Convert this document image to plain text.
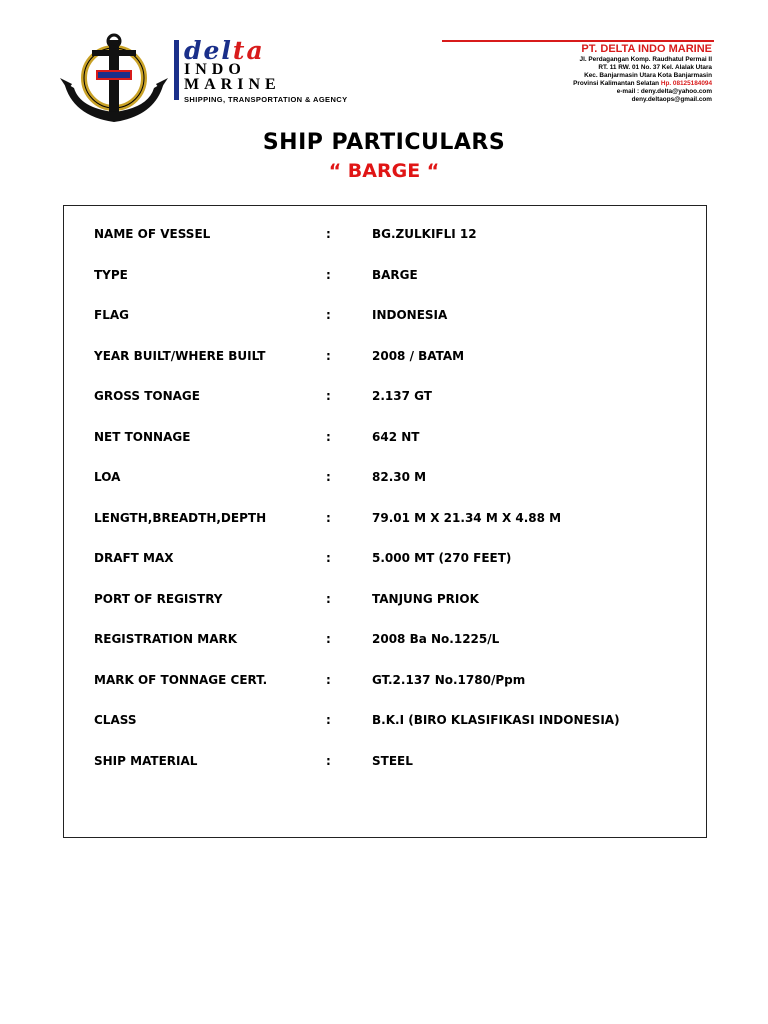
delta
INDO
MARINE
SHIPPING, TRANSPORTATION & AGENCY
PT. DELTA INDO MARINE
Jl. Perdagangan Komp. Raudhatul Permai II
RT. 11 RW. 01 No. 37 Kel. Alalak Utara
Kec. Banjarmasin Utara Kota Banjarmasin
Provinsi Kalimantan Selatan Hp. 08125184094
e-mail : deny.delta@yahoo.com
deny.deltaops@gmail.com
SHIP PARTICULARS
“ BARGE “
NAME OF VESSEL	:	BG.ZULKIFLI 12
TYPE	:	BARGE
FLAG	:	INDONESIA
YEAR BUILT/WHERE BUILT	:	2008 / BATAM
GROSS TONAGE	:	2.137 GT
NET TONNAGE	:	642 NT
LOA	:	82.30 M
LENGTH,BREADTH,DEPTH	:	79.01 M X 21.34 M X 4.88 M
DRAFT MAX	:	5.000 MT (270 FEET)
PORT OF REGISTRY	:	TANJUNG PRIOK
REGISTRATION MARK	:	2008 Ba No.1225/L
MARK OF TONNAGE CERT.	:	GT.2.137 No.1780/Ppm
CLASS	:	B.K.I (BIRO KLASIFIKASI INDONESIA)
SHIP MATERIAL	:	STEEL
